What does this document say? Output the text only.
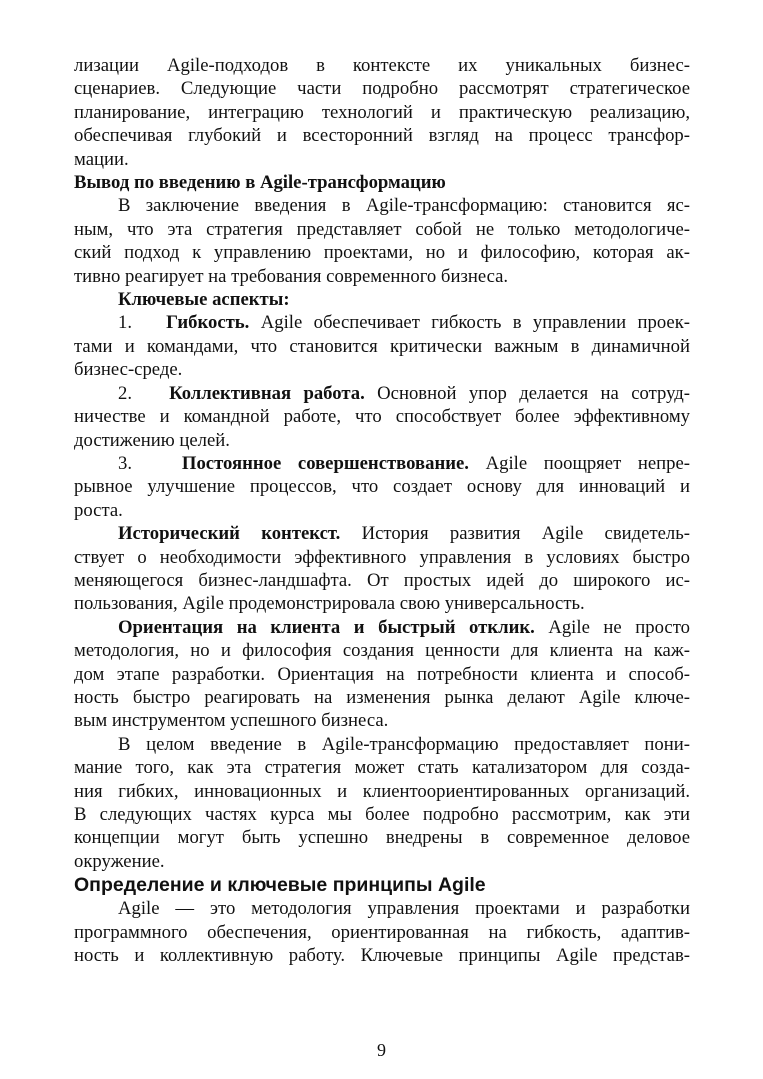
лизации Agile-подходов в контексте их уникальных бизнес-
сценариев. Следующие части подробно рассмотрят стратегическое
планирование, интеграцию технологий и практическую реализацию,
обеспечивая глубокий и всесторонний взгляд на процесс трансфор-
мации.

Вывод по введению в Agile-трансформацию

В заключение введения в Agile-трансформацию: становится яс-
ным, что эта стратегия представляет собой не только методологиче-
ский подход к управлению проектами, но и философию, которая ак-
тивно реагирует на требования современного бизнеса.

Ключевые аспекты:

1. Гибкость. Agile обеспечивает гибкость в управлении проек-
тами и командами, что становится критически важным в динамичной
бизнес-среде.

2. Коллективная работа. Основной упор делается на сотруд-
ничестве и командной работе, что способствует более эффективному
достижению целей.

3.	Постоянное совершенствование. Agile поощряет непре-
рывное улучшение процессов, что создает основу для инноваций и
роста.

Исторический контекст. История развития Agile свидетель-
ствует о необходимости эффективного управления в условиях быстро
меняющегося бизнес-ландшафта. От простых идей до широкого ис-
пользования, Agile продемонстрировала свою универсальность.

Ориентация на клиента и быстрый отклик. Agile не просто
методология, но и философия создания ценности для клиента на каж-
дом этапе разработки. Ориентация на потребности клиента и способ-
ность быстро реагировать на изменения рынка делают Agile ключе-
вым инструментом успешного бизнеса.

В целом введение в Agile-трансформацию предоставляет пони-
мание того, как эта стратегия может стать катализатором для созда-
ния гибких, инновационных и клиентоориентированных организаций.
В следующих частях курса мы более подробно рассмотрим, как эти
концепции могут быть успешно внедрены в современное деловое
окружение.

Определение и ключевые принципы Agile

Agile — это методология управления проектами и разработки
программного обеспечения, ориентированная на гибкость, адаптив-
ность и коллективную работу. Ключевые принципы Agile представ-

9
